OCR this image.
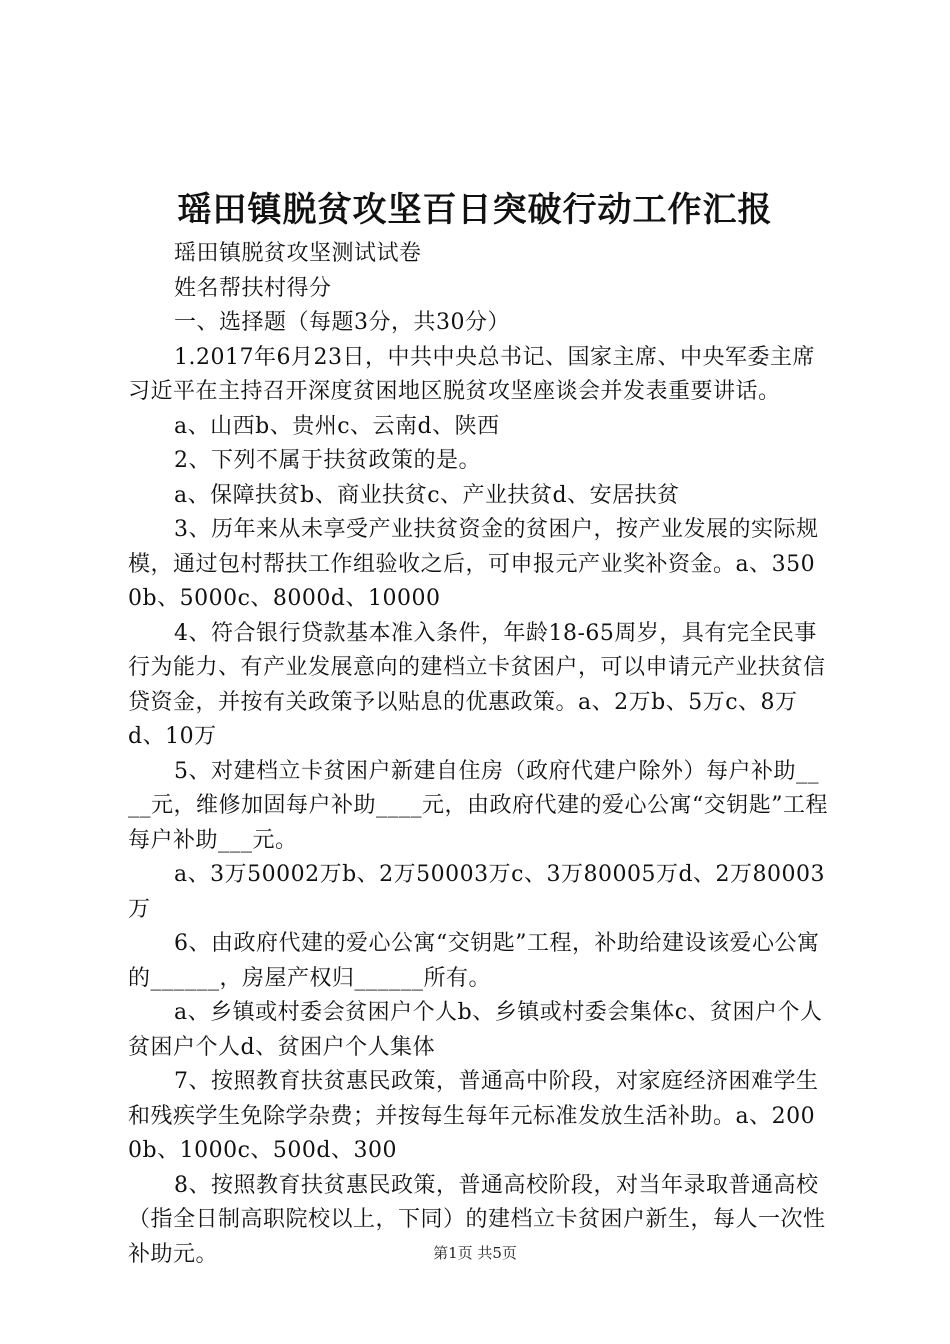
瑶田镇脱贫攻坚百日突破行动工作汇报

瑶田镇脱贫攻坚测试试卷

姓名帮扶村得分

一、选择题（每题3分，共30分）

1.2017年6月23日，中共中央总书记、国家主席、中央军委主席习近平在主持召开深度贫困地区脱贫攻坚座谈会并发表重要讲话。

a、山西b、贵州c、云南d、陕西

2、下列不属于扶贫政策的是。

a、保障扶贫b、商业扶贫c、产业扶贫d、安居扶贫

3、历年来从未享受产业扶贫资金的贫困户，按产业发展的实际规模，通过包村帮扶工作组验收之后，可申报元产业奖补资金。a、3500b、5000c、8000d、10000

4、符合银行贷款基本准入条件，年龄18-65周岁，具有完全民事行为能力、有产业发展意向的建档立卡贫困户，可以申请元产业扶贫信贷资金，并按有关政策予以贴息的优惠政策。a、2万b、5万c、8万d、10万

5、对建档立卡贫困户新建自住房（政府代建户除外）每户补助____元，维修加固每户补助____元，由政府代建的爱心公寓“交钥匙”工程每户补助___元。

a、3万50002万b、2万50003万c、3万80005万d、2万80003万

6、由政府代建的爱心公寓“交钥匙”工程，补助给建设该爱心公寓的______，房屋产权归______所有。

a、乡镇或村委会贫困户个人b、乡镇或村委会集体c、贫困户个人贫困户个人d、贫困户个人集体

7、按照教育扶贫惠民政策，普通高中阶段，对家庭经济困难学生和残疾学生免除学杂费；并按每生每年元标准发放生活补助。a、2000b、1000c、500d、300

8、按照教育扶贫惠民政策，普通高校阶段，对当年录取普通高校（指全日制高职院校以上，下同）的建档立卡贫困户新生，每人一次性补助元。	第1页 共5页
